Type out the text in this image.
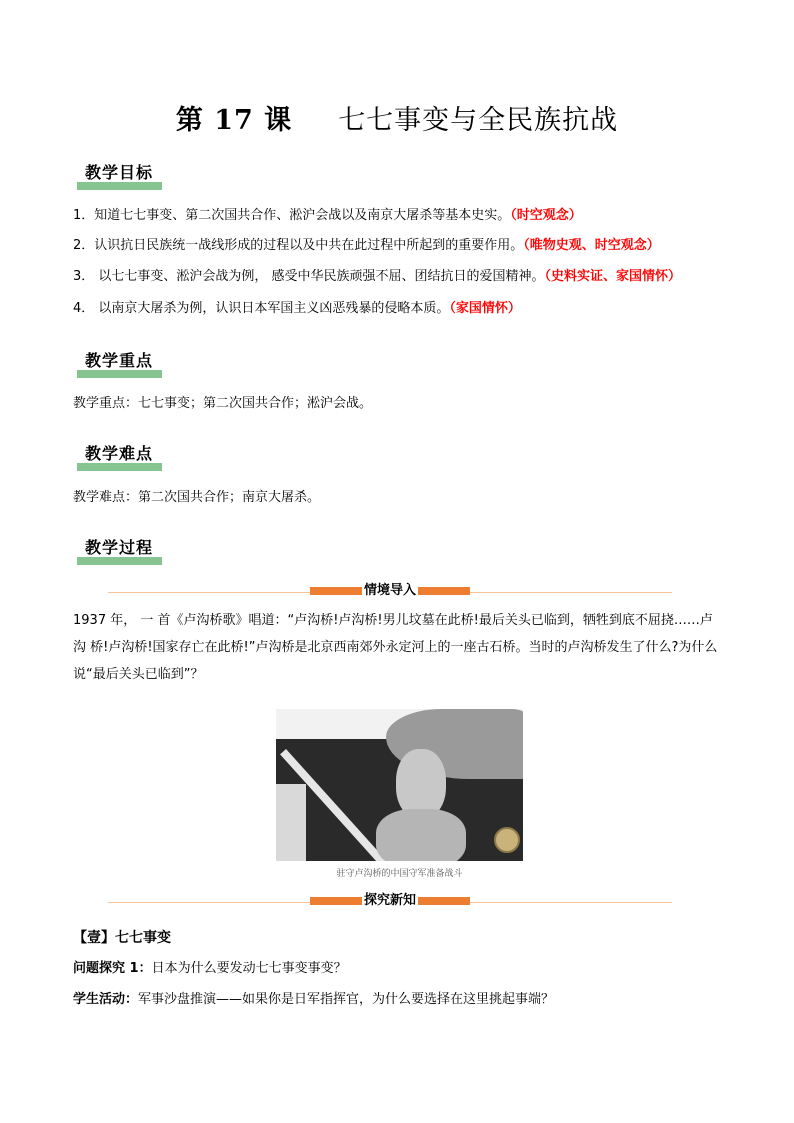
第 17 课 七七事变与全民族抗战
教学目标
1．知道七七事变、第二次国共合作、淞沪会战以及南京大屠杀等基本史实。（时空观念）
2．认识抗日民族统一战线形成的过程以及中共在此过程中所起到的重要作用。（唯物史观、时空观念）
3． 以七七事变、淞沪会战为例， 感受中华民族顽强不屈、团结抗日的爱国精神。（史料实证、家国情怀）
4． 以南京大屠杀为例，认识日本军国主义凶恶残暴的侵略本质。（家国情怀）
教学重点
教学重点：七七事变；第二次国共合作；淞沪会战。
教学难点
教学难点：第二次国共合作；南京大屠杀。
教学过程
情境导入
1937 年， 一 首《卢沟桥歌》唱道：“卢沟桥!卢沟桥!男儿坟墓在此桥!最后关头已临到，牺牲到底不屈挠……卢沟 桥!卢沟桥!国家存亡在此桥!”卢沟桥是北京西南郊外永定河上的一座古石桥。当时的卢沟桥发生了什么?为什么说“最后关头已临到”？
驻守卢沟桥的中国守军准备战斗
探究新知
【壹】七七事变
问题探究 1：日本为什么要发动七七事变事变？
学生活动：军事沙盘推演——如果你是日军指挥官，为什么要选择在这里挑起事端？
